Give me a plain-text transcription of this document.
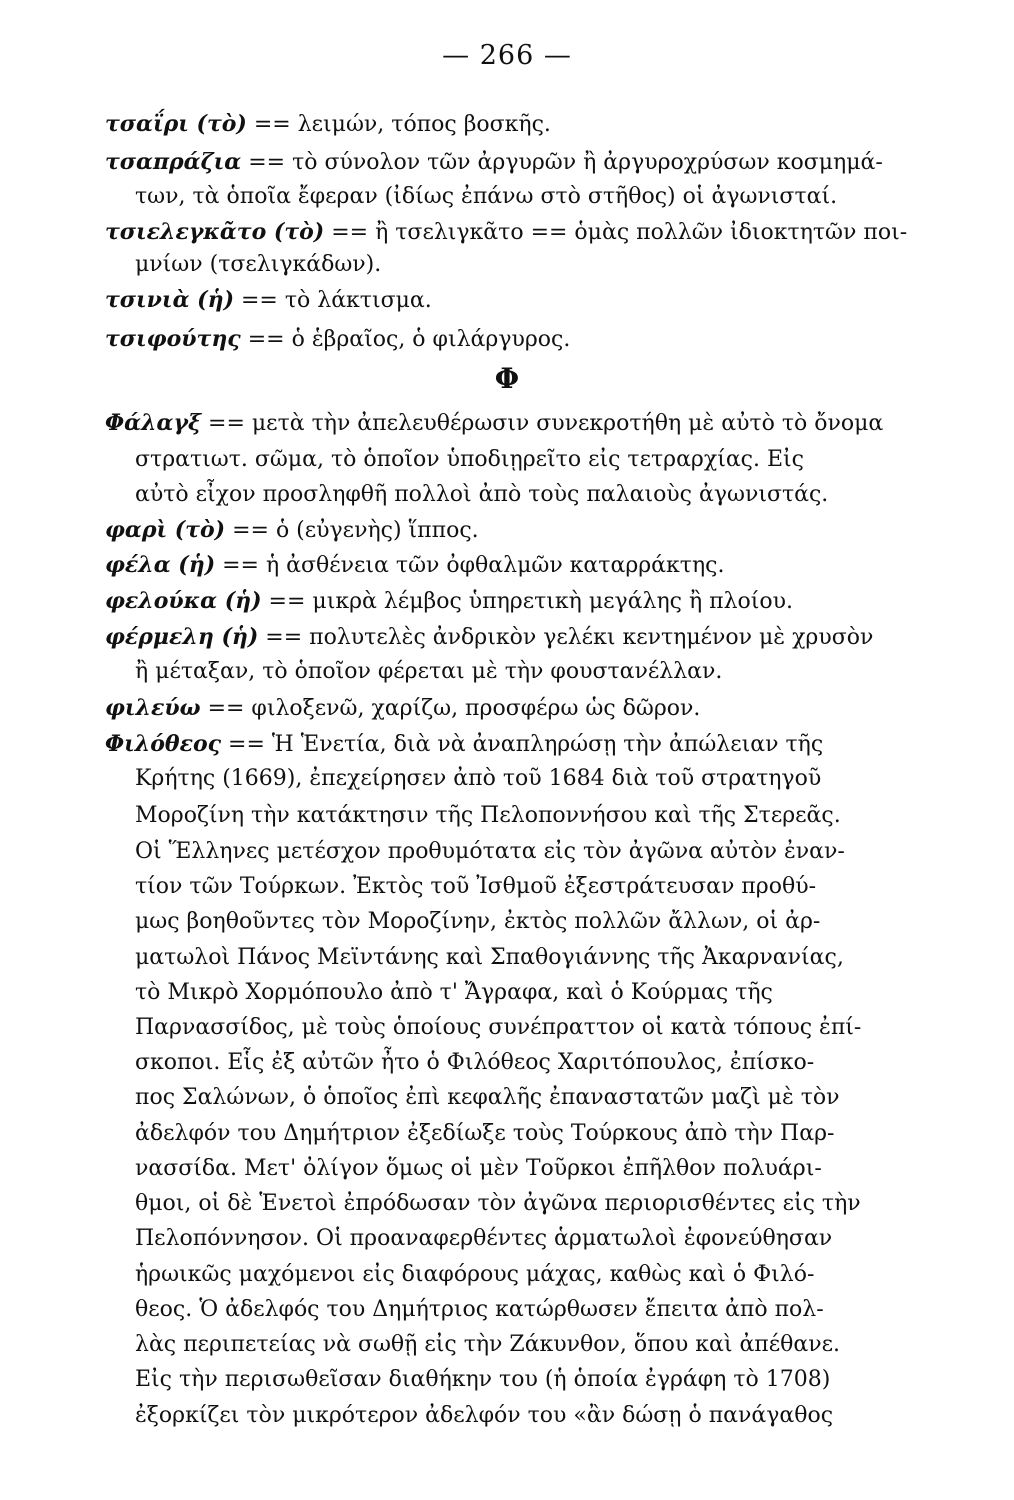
— 266 —
Φ
τσαΐρι (τὸ) == λειμών, τόπος βοσκῆς.
τσαπράζια == τὸ σύνολον τῶν ἀργυρῶν ἢ ἀργυροχρύσων κοσμημά-
των, τὰ ὁποῖα ἔφεραν (ἰδίως ἐπάνω στὸ στῆθος) οἱ ἀγωνισταί.
τσιελεγκᾶτο (τὸ) == ἢ τσελιγκᾶτο == ὁμὰς πολλῶν ἰδιοκτητῶν ποι-
μνίων (τσελιγκάδων).
τσινιὰ (ἡ) == τὸ λάκτισμα.
τσιφούτης == ὁ ἑβραῖος, ὁ φιλάργυρος.
Φάλαγξ == μετὰ τὴν ἀπελευθέρωσιν συνεκροτήθη μὲ αὐτὸ τὸ ὄνομα
στρατιωτ. σῶμα, τὸ ὁποῖον ὑποδιῃρεῖτο εἰς τετραρχίας. Εἰς
αὐτὸ εἶχον προσληφθῆ πολλοὶ ἀπὸ τοὺς παλαιοὺς ἀγωνιστάς.
φαρὶ (τὸ) == ὁ (εὐγενὴς) ἵππος.
φέλα (ἡ) == ἡ ἀσθένεια τῶν ὀφθαλμῶν καταρράκτης.
φελούκα (ἡ) == μικρὰ λέμβος ὑπηρετικὴ μεγάλης ἢ πλοίου.
φέρμελη (ἡ) == πολυτελὲς ἀνδρικὸν γελέκι κεντημένον μὲ χρυσὸν
ἢ μέταξαν, τὸ ὁποῖον φέρεται μὲ τὴν φουστανέλλαν.
φιλεύω == φιλοξενῶ, χαρίζω, προσφέρω ὡς δῶρον.
Φιλόθεος == Ἡ Ἑνετία, διὰ νὰ ἀναπληρώσῃ τὴν ἀπώλειαν τῆς
Κρήτης (1669), ἐπεχείρησεν ἀπὸ τοῦ 1684 διὰ τοῦ στρατηγοῦ
Μοροζίνη τὴν κατάκτησιν τῆς Πελοποννήσου καὶ τῆς Στερεᾶς.
Οἱ Ἕλληνες μετέσχον προθυμότατα εἰς τὸν ἀγῶνα αὐτὸν ἐναν-
τίον τῶν Τούρκων. Ἐκτὸς τοῦ Ἰσθμοῦ ἐξεστράτευσαν προθύ-
μως βοηθοῦντες τὸν Μοροζίνην, ἐκτὸς πολλῶν ἄλλων, οἱ ἀρ-
ματωλοὶ Πάνος Μεϊντάνης καὶ Σπαθογιάννης τῆς Ἀκαρνανίας,
τὸ Μικρὸ Χορμόπουλο ἀπὸ τ' Ἄγραφα, καὶ ὁ Κούρμας τῆς
Παρνασσίδος, μὲ τοὺς ὁποίους συνέπραττον οἱ κατὰ τόπους ἐπί-
σκοποι. Εἷς ἐξ αὐτῶν ἦτο ὁ Φιλόθεος Χαριτόπουλος, ἐπίσκο-
πος Σαλώνων, ὁ ὁποῖος ἐπὶ κεφαλῆς ἐπαναστατῶν μαζὶ μὲ τὸν
ἀδελφόν του Δημήτριον ἐξεδίωξε τοὺς Τούρκους ἀπὸ τὴν Παρ-
νασσίδα. Μετ' ὀλίγον ὅμως οἱ μὲν Τοῦρκοι ἐπῆλθον πολυάρι-
θμοι, οἱ δὲ Ἑνετοὶ ἐπρόδωσαν τὸν ἀγῶνα περιορισθέντες εἰς τὴν
Πελοπόννησον. Οἱ προαναφερθέντες ἁρματωλοὶ ἐφονεύθησαν
ἡρωικῶς μαχόμενοι εἰς διαφόρους μάχας, καθὼς καὶ ὁ Φιλό-
θεος. Ὁ ἀδελφός του Δημήτριος κατώρθωσεν ἔπειτα ἀπὸ πολ-
λὰς περιπετείας νὰ σωθῇ εἰς τὴν Ζάκυνθον, ὅπου καὶ ἀπέθανε.
Εἰς τὴν περισωθεῖσαν διαθήκην του (ἡ ὁποία ἐγράφη τὸ 1708)
ἐξορκίζει τὸν μικρότερον ἀδελφόν του «ἂν δώσῃ ὁ πανάγαθος
